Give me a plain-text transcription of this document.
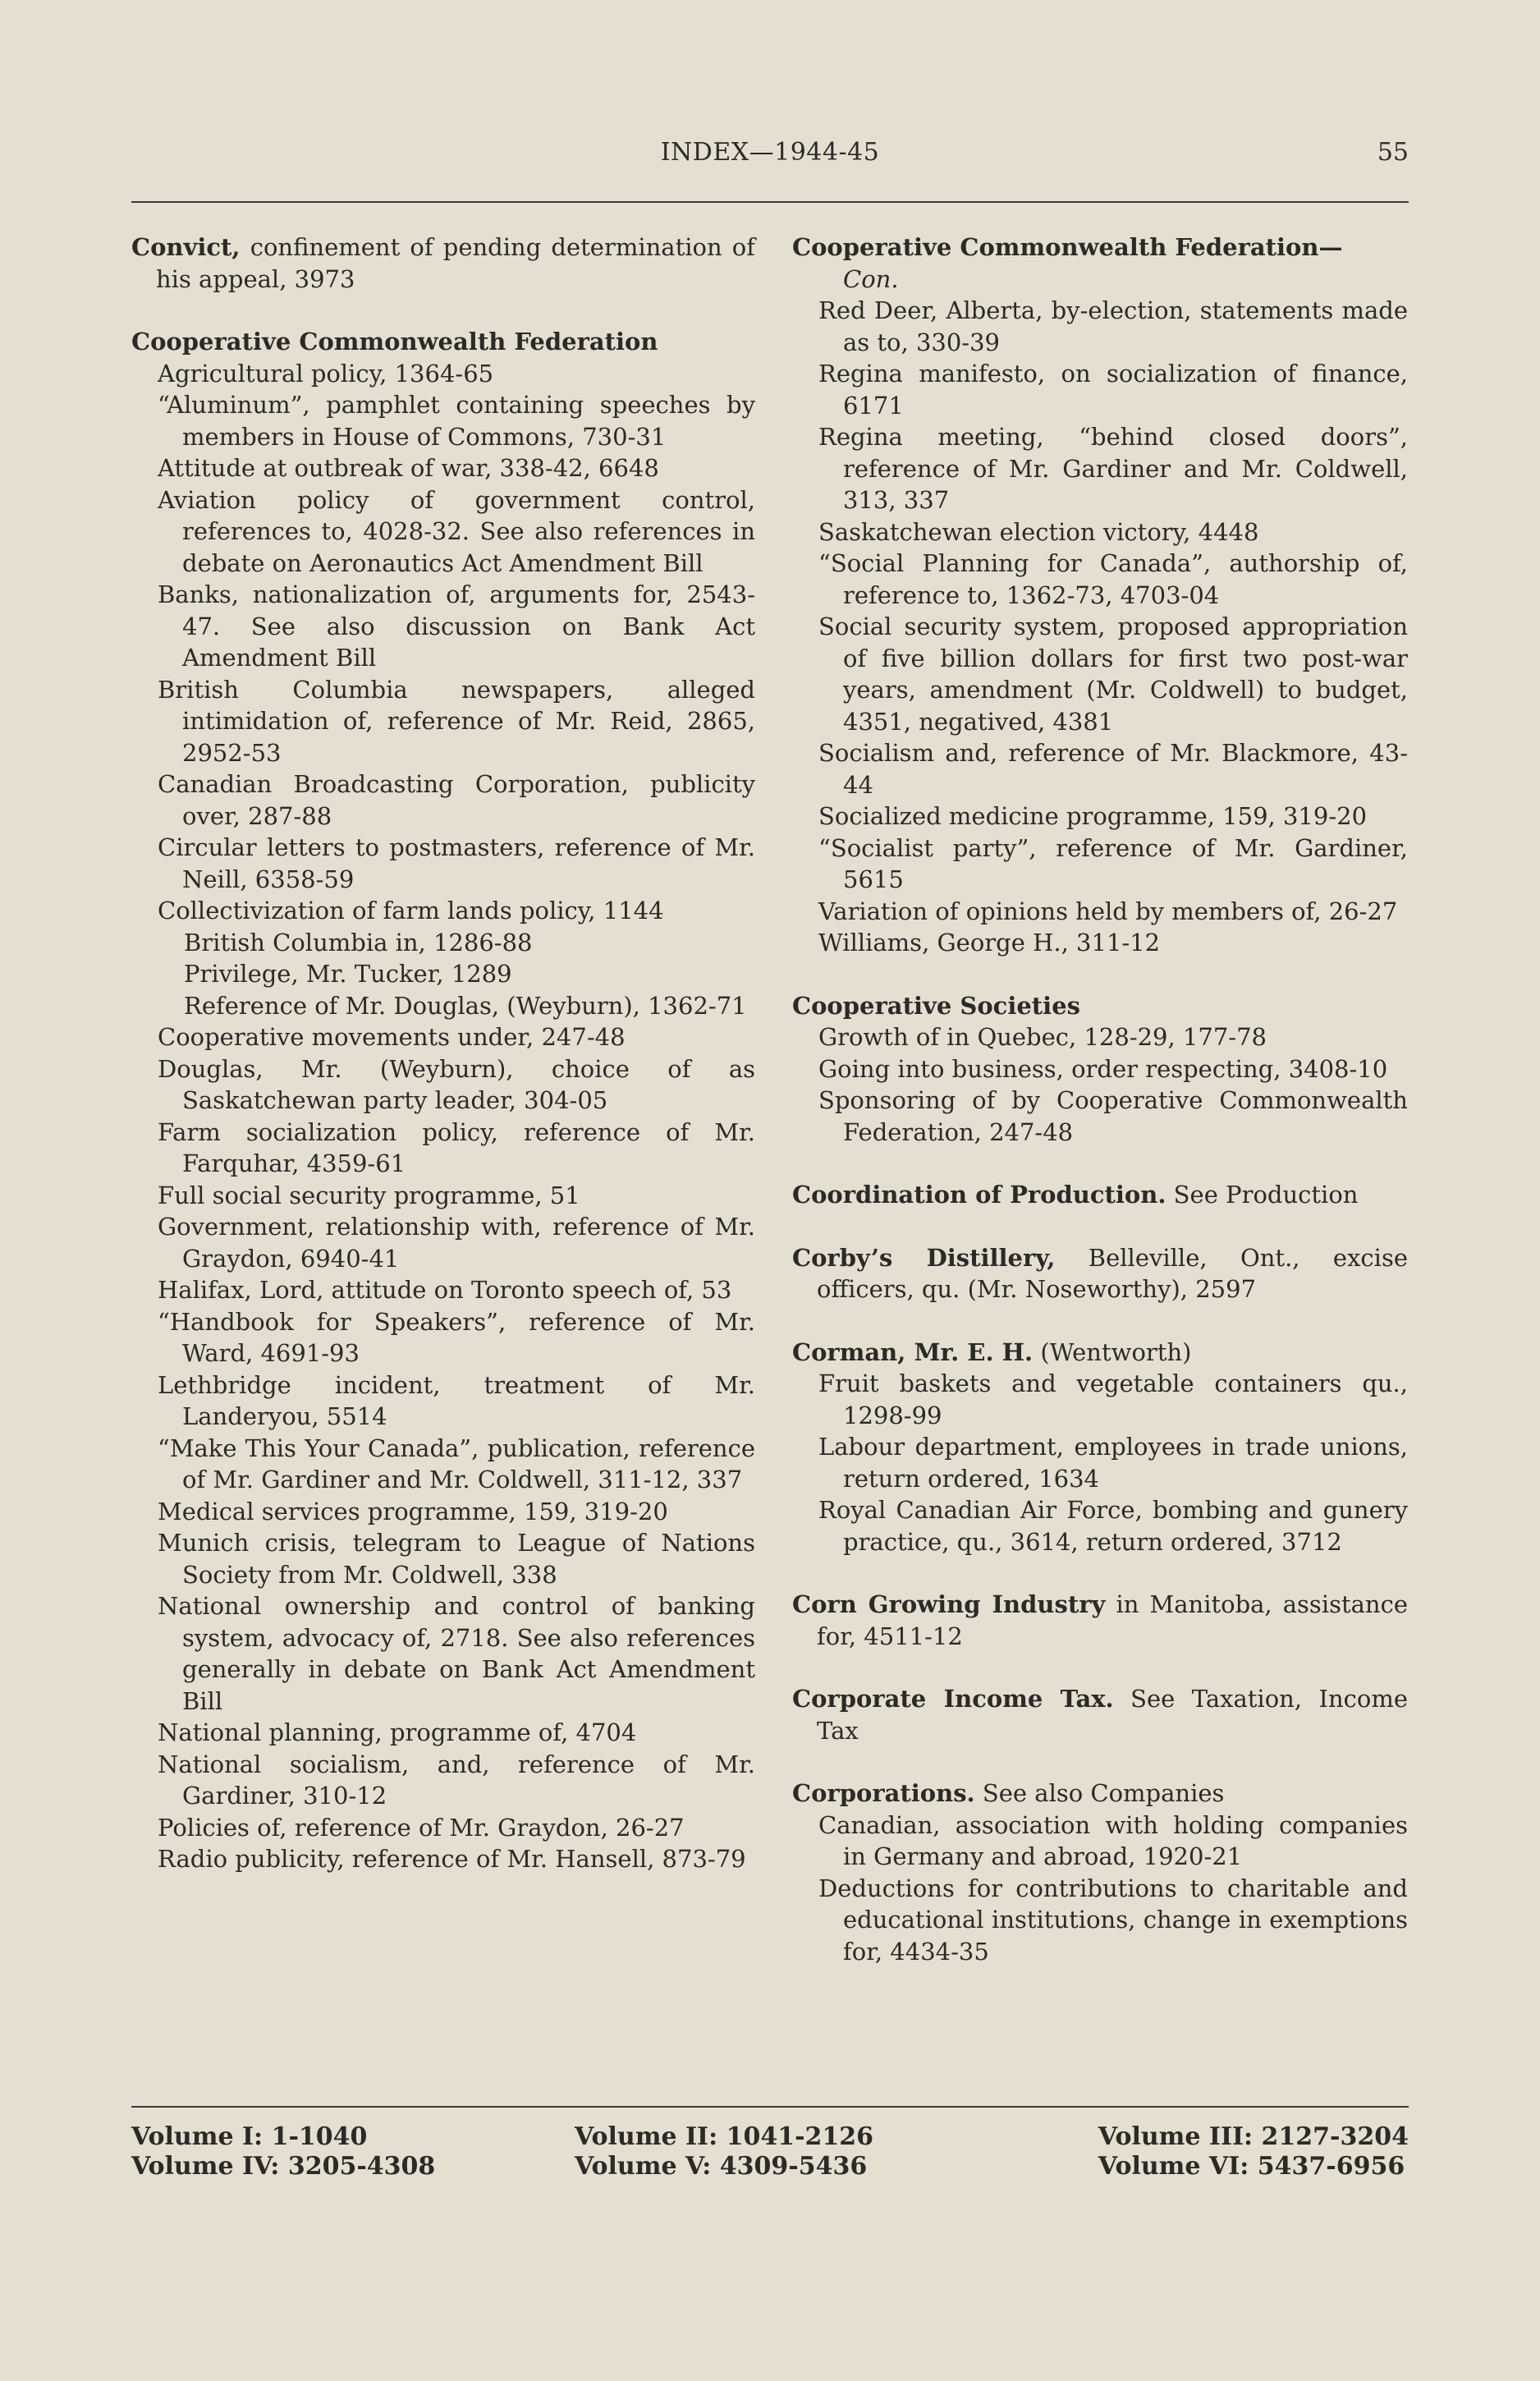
INDEX—1944-45	55

Convict, confinement of pending determination of his appeal, 3973

Cooperative Commonwealth Federation

Agricultural policy, 1364-65

“Aluminum”, pamphlet containing speeches by members in House of Commons, 730-31

Attitude at outbreak of war, 338-42, 6648

Aviation policy of government control, references to, 4028-32. See also references in debate on Aeronautics Act Amendment Bill

Banks, nationalization of, arguments for, 2543-47. See also discussion on Bank Act Amendment Bill

British Columbia newspapers, alleged intimidation of, reference of Mr. Reid, 2865, 2952-53

Canadian Broadcasting Corporation, publicity over, 287-88

Circular letters to postmasters, reference of Mr. Neill, 6358-59

Collectivization of farm lands policy, 1144

British Columbia in, 1286-88

Privilege, Mr. Tucker, 1289

Reference of Mr. Douglas, (Weyburn), 1362-71

Cooperative movements under, 247-48

Douglas, Mr. (Weyburn), choice of as Saskatchewan party leader, 304-05

Farm socialization policy, reference of Mr. Farquhar, 4359-61

Full social security programme, 51

Government, relationship with, reference of Mr. Graydon, 6940-41

Halifax, Lord, attitude on Toronto speech of, 53

“Handbook for Speakers”, reference of Mr. Ward, 4691-93

Lethbridge incident, treatment of Mr. Landeryou, 5514

“Make This Your Canada”, publication, reference of Mr. Gardiner and Mr. Coldwell, 311-12, 337

Medical services programme, 159, 319-20

Munich crisis, telegram to League of Nations Society from Mr. Coldwell, 338

National ownership and control of banking system, advocacy of, 2718. See also references generally in debate on Bank Act Amendment Bill

National planning, programme of, 4704

National socialism, and, reference of Mr. Gardiner, 310-12

Policies of, reference of Mr. Graydon, 26-27

Radio publicity, reference of Mr. Hansell, 873-79

Cooperative Commonwealth Federation—

Con.

Red Deer, Alberta, by-election, statements made as to, 330-39

Regina manifesto, on socialization of finance, 6171

Regina meeting, “behind closed doors”, reference of Mr. Gardiner and Mr. Coldwell, 313, 337

Saskatchewan election victory, 4448

“Social Planning for Canada”, authorship of, reference to, 1362-73, 4703-04

Social security system, proposed appropriation of five billion dollars for first two post-war years, amendment (Mr. Coldwell) to budget, 4351, negatived, 4381

Socialism and, reference of Mr. Blackmore, 43-44

Socialized medicine programme, 159, 319-20

“Socialist party”, reference of Mr. Gardiner, 5615

Variation of opinions held by members of, 26-27

Williams, George H., 311-12

Cooperative Societies

Growth of in Quebec, 128-29, 177-78

Going into business, order respecting, 3408-10

Sponsoring of by Cooperative Commonwealth Federation, 247-48

Coordination of Production. See Production

Corby’s Distillery, Belleville, Ont., excise officers, qu. (Mr. Noseworthy), 2597

Corman, Mr. E. H. (Wentworth)

Fruit baskets and vegetable containers qu., 1298-99

Labour department, employees in trade unions, return ordered, 1634

Royal Canadian Air Force, bombing and gunery practice, qu., 3614, return ordered, 3712

Corn Growing Industry in Manitoba, assistance for, 4511-12

Corporate Income Tax. See Taxation, Income Tax

Corporations. See also Companies

Canadian, association with holding companies in Germany and abroad, 1920-21

Deductions for contributions to charitable and educational institutions, change in exemptions for, 4434-35

Volume I: 1-1040
Volume IV: 3205-4308
Volume II: 1041-2126
Volume V: 4309-5436
Volume III: 2127-3204
Volume VI: 5437-6956
